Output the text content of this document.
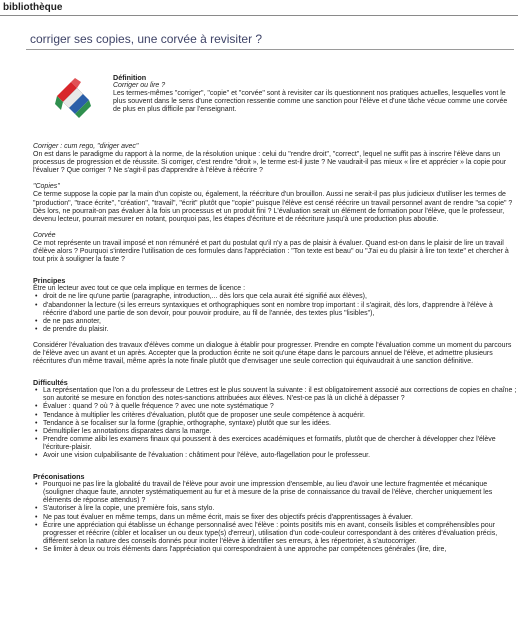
bibliothèque
corriger ses copies, une corvée à revisiter ?

Définition

Corriger ou lire ?

Les termes-mêmes "corriger", "copie" et "corvée" sont à revisiter car ils questionnent nos pratiques actuelles, lesquelles vont le plus souvent dans le sens d'une correction ressentie comme une sanction pour l'élève et d'une tâche vécue comme une corvée de plus en plus difficile par l'enseignant.

Corriger : cum rego, "diriger avec"

On est dans le paradigme du rapport à la norme, de la résolution unique : celui du "rendre droit", "correct", lequel ne suffit pas à inscrire l'élève dans un processus de progression et de réussite. Si corriger, c'est rendre "droit », le terme est-il juste ? Ne vaudrait-il pas mieux « lire et apprécier » la copie pour l'évaluer ? Que corriger ? Ne s'agit-il pas d'apprendre à l'élève à réécrire ?

"Copies"

Ce terme suppose la copie par la main d'un copiste ou, également, la réécriture d'un brouillon. Aussi ne serait-il pas plus judicieux d'utiliser les termes de "production", "trace écrite", "création", "travail", "écrit" plutôt que "copie" puisque l'élève est censé réécrire un travail personnel avant de rendre "sa copie" ? Dès lors, ne pourrait-on pas évaluer à la fois un processus et un produit fini ? L'évaluation serait un élément de formation pour l'élève, que le professeur, devenu lecteur, pourrait mesurer en notant, pourquoi pas, les étapes d'écriture et de réécriture jusqu'à une production plus aboutie.

Corvée

Ce mot représente un travail imposé et non rémunéré et part du postulat qu'il n'y a pas de plaisir à évaluer. Quand est-on dans le plaisir de lire un travail d'élève alors ? Pourquoi s'interdire l'utilisation de ces formules dans l'appréciation : "Ton texte est beau" ou "J'ai eu du plaisir à lire ton texte" et chercher à tout prix à souligner la faute ?

Principes

Être un lecteur avec tout ce que cela implique en termes de licence :

• droit de ne lire qu'une partie (paragraphe, introduction,... dès lors que cela aurait été signifié aux élèves),
• d'abandonner la lecture (si les erreurs syntaxiques et orthographiques sont en nombre trop important : il s'agirait, dès lors, d'apprendre à l'élève à réécrire d'abord une partie de son devoir, pour pouvoir produire, au fil de l'année, des textes plus "lisibles"),
• de ne pas annoter,
• de prendre du plaisir.

Considérer l'évaluation des travaux d'élèves comme un dialogue à établir pour progresser. Prendre en compte l'évaluation comme un moment du parcours de l'élève avec un avant et un après. Accepter que la production écrite ne soit qu'une étape dans le parcours annuel de l'élève, et admettre plusieurs réécritures d'un même travail, même après la note finale plutôt que d'envisager une seule correction qui équivaudrait à une sanction définitive.

Difficultés

• La représentation que l'on a du professeur de Lettres est le plus souvent la suivante : il est obligatoirement associé aux corrections de copies en chaîne ; son autorité se mesure en fonction des notes-sanctions attribuées aux élèves. N'est-ce pas là un cliché à dépasser ?
• Évaluer : quand ? où ? à quelle fréquence ? avec une note systématique ?
• Tendance à multiplier les critères d'évaluation, plutôt que de proposer une seule compétence à acquérir.
• Tendance à se focaliser sur la forme (graphie, orthographe, syntaxe) plutôt que sur les idées.
• Démultiplier les annotations disparates dans la marge.
• Prendre comme alibi les examens finaux qui poussent à des exercices académiques et formatifs, plutôt que de chercher à développer chez l'élève l'écriture-plaisir.
• Avoir une vision culpabilisante de l'évaluation : châtiment pour l'élève, auto-flagellation pour le professeur.

Préconisations

• Pourquoi ne pas lire la globalité du travail de l'élève pour avoir une impression d'ensemble, au lieu d'avoir une lecture fragmentée et mécanique (souligner chaque faute, annoter systématiquement au fur et à mesure de la prise de connaissance du travail de l'élève, chercher uniquement les éléments de réponse attendus) ?
• S'autoriser à lire la copie, une première fois, sans stylo.
• Ne pas tout évaluer en même temps, dans un même écrit, mais se fixer des objectifs précis d'apprentissages à évaluer.
• Écrire une appréciation qui établisse un échange personnalisé avec l'élève : points positifs mis en avant, conseils lisibles et compréhensibles pour progresser et réécrire (cibler et localiser un ou deux type(s) d'erreur), utilisation d'un code-couleur correspondant à des critères d'évaluation précis, différent selon la nature des conseils donnés pour inciter l'élève à identifier ses erreurs, à les répertorier, à s'autocorriger.
• Se limiter à deux ou trois éléments dans l'appréciation qui correspondraient à une approche par compétences générales (lire, dire,
